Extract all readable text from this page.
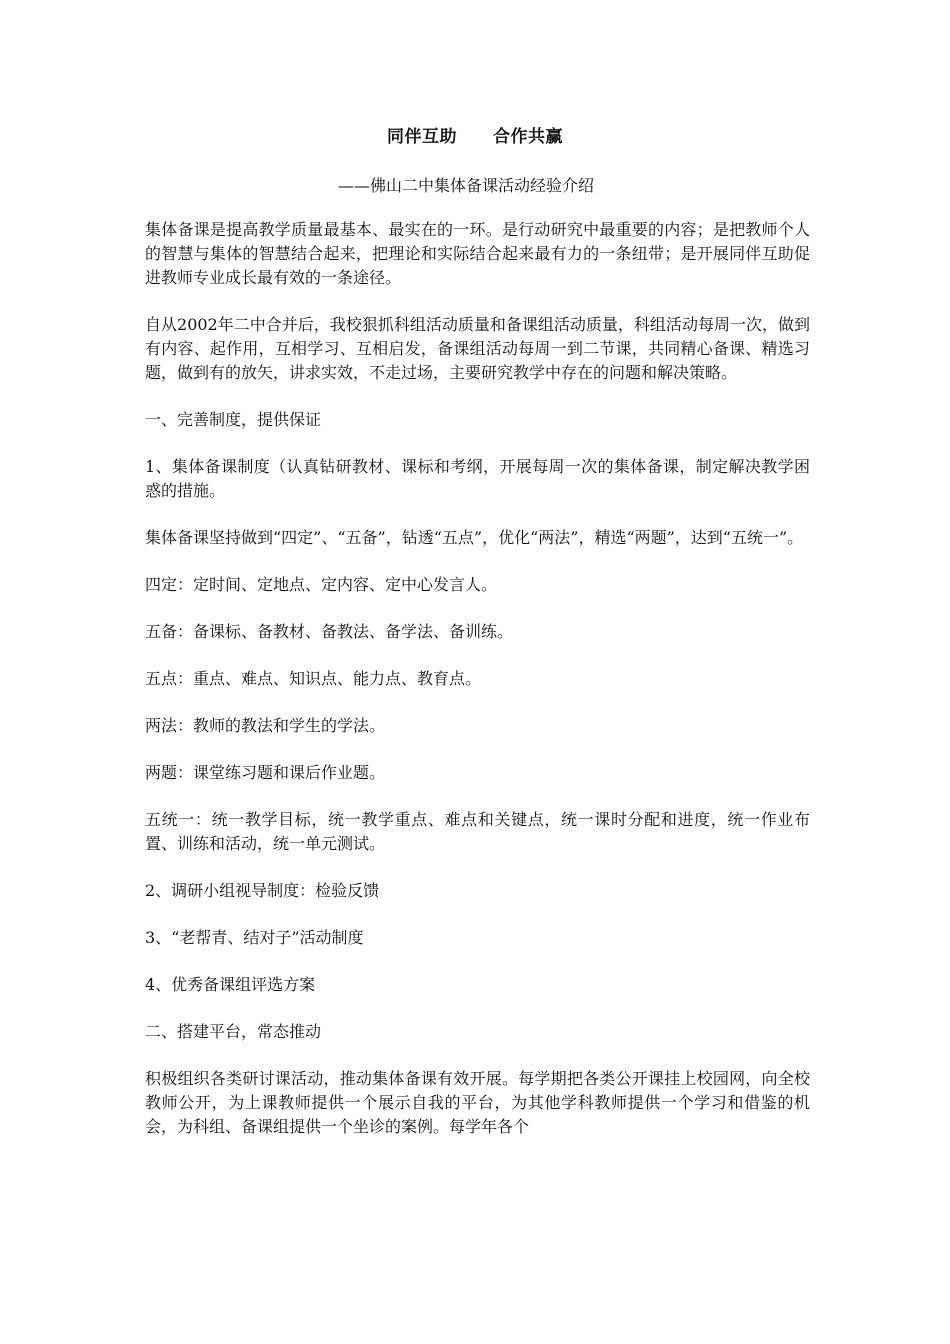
同伴互助 合作共赢
——佛山二中集体备课活动经验介绍

集体备课是提高教学质量最基本、最实在的一环。是行动研究中最重要的内容；是把教师个人的智慧与集体的智慧结合起来，把理论和实际结合起来最有力的一条纽带；是开展同伴互助促进教师专业成长最有效的一条途径。

自从2002年二中合并后，我校狠抓科组活动质量和备课组活动质量，科组活动每周一次，做到有内容、起作用，互相学习、互相启发，备课组活动每周一到二节课，共同精心备课、精选习题，做到有的放矢，讲求实效，不走过场，主要研究教学中存在的问题和解决策略。

一、完善制度，提供保证

1、集体备课制度（认真钻研教材、课标和考纲，开展每周一次的集体备课，制定解决教学困惑的措施。

集体备课坚持做到“四定”、“五备”，钻透“五点”，优化“两法”，精选“两题”，达到“五统一”。

四定：定时间、定地点、定内容、定中心发言人。

五备：备课标、备教材、备教法、备学法、备训练。

五点：重点、难点、知识点、能力点、教育点。

两法：教师的教法和学生的学法。

两题：课堂练习题和课后作业题。

五统一：统一教学目标，统一教学重点、难点和关键点，统一课时分配和进度，统一作业布置、训练和活动，统一单元测试。

2、调研小组视导制度：检验反馈

3、“老帮青、结对子”活动制度

4、优秀备课组评选方案

二、搭建平台，常态推动

积极组织各类研讨课活动，推动集体备课有效开展。每学期把各类公开课挂上校园网，向全校教师公开，为上课教师提供一个展示自我的平台，为其他学科教师提供一个学习和借鉴的机会，为科组、备课组提供一个坐诊的案例。每学年各个
